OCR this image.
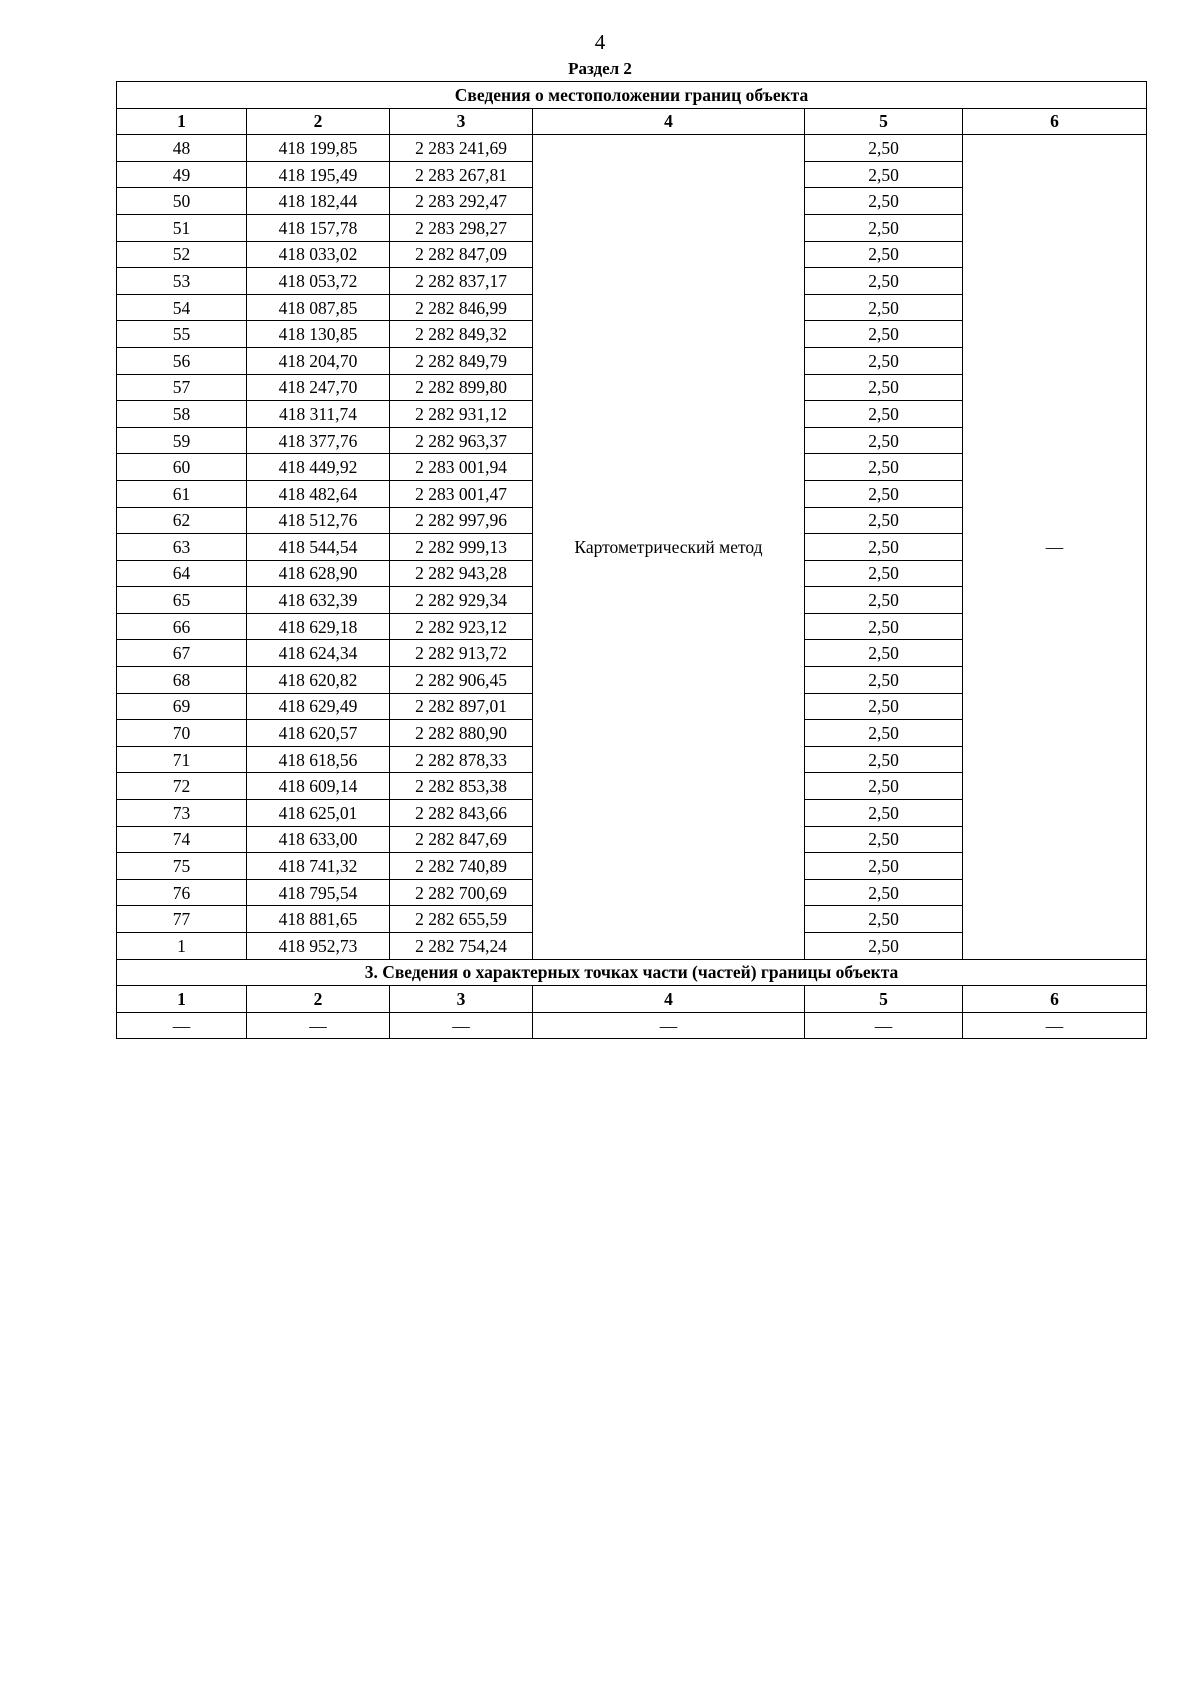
4
Раздел 2
Сведения о местоположении границ объекта					
1	2	3	4	5	6
48	418 199,85	2 283 241,69	Картометрический метод	2,50	—
49	418 195,49	2 283 267,81		2,50	
50	418 182,44	2 283 292,47		2,50	
51	418 157,78	2 283 298,27		2,50	
52	418 033,02	2 282 847,09		2,50	
53	418 053,72	2 282 837,17		2,50	
54	418 087,85	2 282 846,99		2,50	
55	418 130,85	2 282 849,32		2,50	
56	418 204,70	2 282 849,79		2,50	
57	418 247,70	2 282 899,80		2,50	
58	418 311,74	2 282 931,12		2,50	
59	418 377,76	2 282 963,37		2,50	
60	418 449,92	2 283 001,94		2,50	
61	418 482,64	2 283 001,47		2,50	
62	418 512,76	2 282 997,96		2,50	
63	418 544,54	2 282 999,13		2,50	
64	418 628,90	2 282 943,28		2,50	
65	418 632,39	2 282 929,34		2,50	
66	418 629,18	2 282 923,12		2,50	
67	418 624,34	2 282 913,72		2,50	
68	418 620,82	2 282 906,45		2,50	
69	418 629,49	2 282 897,01		2,50	
70	418 620,57	2 282 880,90		2,50	
71	418 618,56	2 282 878,33		2,50	
72	418 609,14	2 282 853,38		2,50	
73	418 625,01	2 282 843,66		2,50	
74	418 633,00	2 282 847,69		2,50	
75	418 741,32	2 282 740,89		2,50	
76	418 795,54	2 282 700,69		2,50	
77	418 881,65	2 282 655,59		2,50	
1	418 952,73	2 282 754,24		2,50	
3. Сведения о характерных точках части (частей) границы объекта					
1	2	3	4	5	6
—	—	—	—	—	—
